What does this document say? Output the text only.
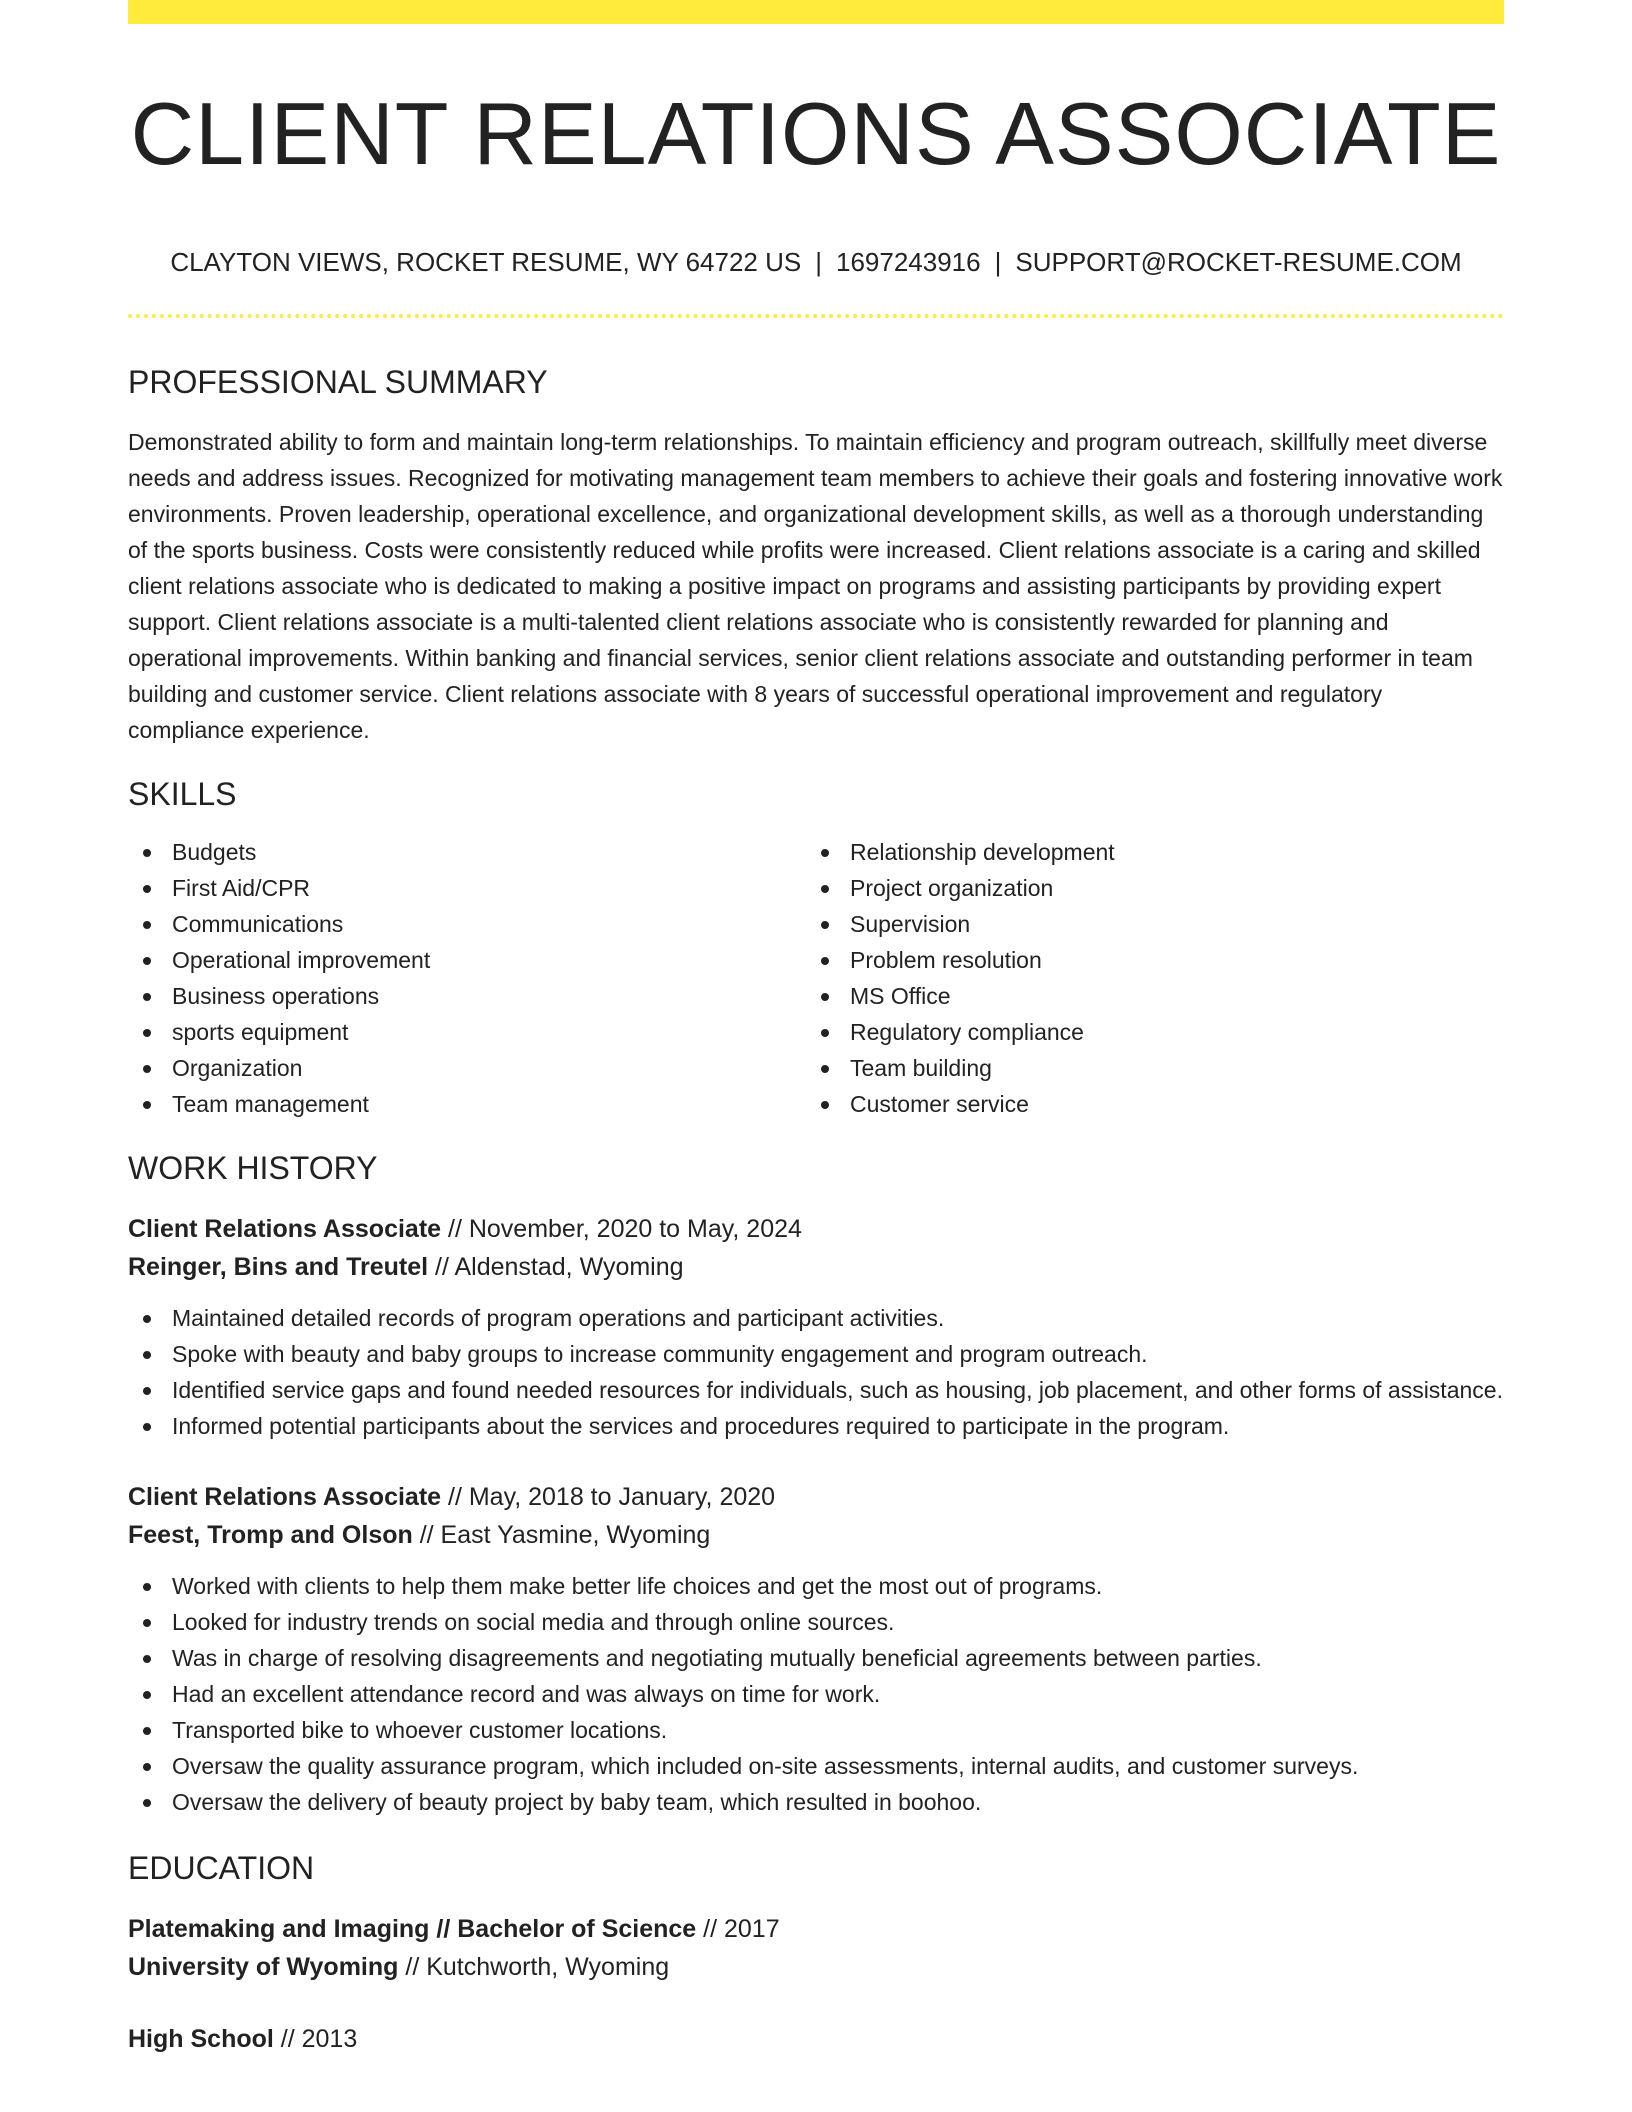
CLIENT RELATIONS ASSOCIATE
CLAYTON VIEWS, ROCKET RESUME, WY 64722 US | 1697243916 | SUPPORT@ROCKET-RESUME.COM
PROFESSIONAL SUMMARY

Demonstrated ability to form and maintain long-term relationships. To maintain efficiency and program outreach, skillfully meet diverse needs and address issues. Recognized for motivating management team members to achieve their goals and fostering innovative work environments. Proven leadership, operational excellence, and organizational development skills, as well as a thorough understanding of the sports business. Costs were consistently reduced while profits were increased. Client relations associate is a caring and skilled client relations associate who is dedicated to making a positive impact on programs and assisting participants by providing expert support. Client relations associate is a multi-talented client relations associate who is consistently rewarded for planning and operational improvements. Within banking and financial services, senior client relations associate and outstanding performer in team building and customer service. Client relations associate with 8 years of successful operational improvement and regulatory compliance experience.

SKILLS
Budgets
First Aid/CPR
Communications
Operational improvement
Business operations
sports equipment
Organization
Team management
Relationship development
Project organization
Supervision
Problem resolution
MS Office
Regulatory compliance
Team building
Customer service
WORK HISTORY
Client Relations Associate // November, 2020 to May, 2024
Reinger, Bins and Treutel // Aldenstad, Wyoming
Maintained detailed records of program operations and participant activities.
Spoke with beauty and baby groups to increase community engagement and program outreach.
Identified service gaps and found needed resources for individuals, such as housing, job placement, and other forms of assistance.
Informed potential participants about the services and procedures required to participate in the program.
Client Relations Associate // May, 2018 to January, 2020
Feest, Tromp and Olson // East Yasmine, Wyoming
Worked with clients to help them make better life choices and get the most out of programs.
Looked for industry trends on social media and through online sources.
Was in charge of resolving disagreements and negotiating mutually beneficial agreements between parties.
Had an excellent attendance record and was always on time for work.
Transported bike to whoever customer locations.
Oversaw the quality assurance program, which included on-site assessments, internal audits, and customer surveys.
Oversaw the delivery of beauty project by baby team, which resulted in boohoo.
EDUCATION
Platemaking and Imaging // Bachelor of Science // 2017
University of Wyoming // Kutchworth, Wyoming
High School // 2013
